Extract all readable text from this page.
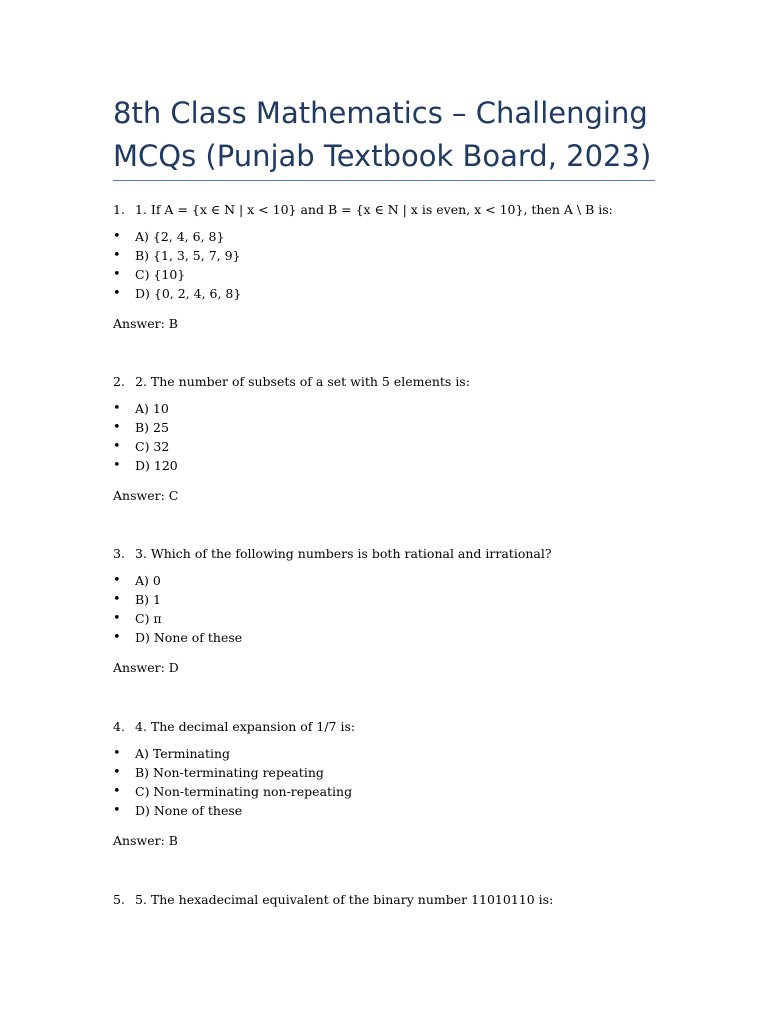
8th Class Mathematics – Challenging MCQs (Punjab Textbook Board, 2023)
1. 1. If A = {x ∈ N | x < 10} and B = {x ∈ N | x is even, x < 10}, then A \ B is:
• A) {2, 4, 6, 8}
• B) {1, 3, 5, 7, 9}
• C) {10}
• D) {0, 2, 4, 6, 8}
Answer: B
2. 2. The number of subsets of a set with 5 elements is:
• A) 10
• B) 25
• C) 32
• D) 120
Answer: C
3. 3. Which of the following numbers is both rational and irrational?
• A) 0
• B) 1
• C) π
• D) None of these
Answer: D
4. 4. The decimal expansion of 1/7 is:
• A) Terminating
• B) Non-terminating repeating
• C) Non-terminating non-repeating
• D) None of these
Answer: B
5. 5. The hexadecimal equivalent of the binary number 11010110 is:
